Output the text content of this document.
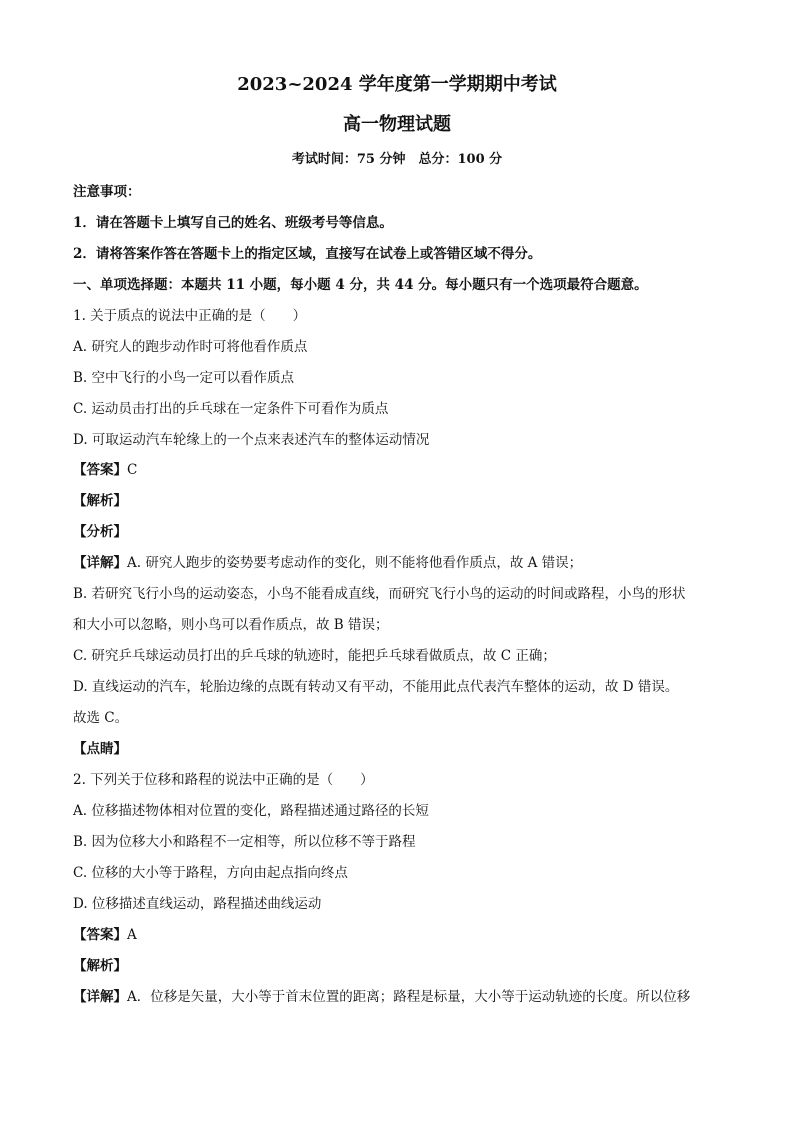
2023~2024 学年度第一学期期中考试
高一物理试题
考试时间：75 分钟　总分：100 分
注意事项：
1．请在答题卡上填写自己的姓名、班级考号等信息。
2．请将答案作答在答题卡上的指定区域，直接写在试卷上或答错区域不得分。
一、单项选择题：本题共 11 小题，每小题 4 分，共 44 分。每小题只有一个选项最符合题意。
1. 关于质点的说法中正确的是（　　）
A. 研究人的跑步动作时可将他看作质点
B. 空中飞行的小鸟一定可以看作质点
C. 运动员击打出的乒乓球在一定条件下可看作为质点
D. 可取运动汽车轮缘上的一个点来表述汽车的整体运动情况
【答案】C
【解析】
【分析】
【详解】A. 研究人跑步的姿势要考虑动作的变化，则不能将他看作质点，故 A 错误；
B. 若研究飞行小鸟的运动姿态，小鸟不能看成直线，而研究飞行小鸟的运动的时间或路程，小鸟的形状
和大小可以忽略，则小鸟可以看作质点，故 B 错误；
C. 研究乒乓球运动员打出的乒乓球的轨迹时，能把乒乓球看做质点，故 C 正确；
D. 直线运动的汽车，轮胎边缘的点既有转动又有平动，不能用此点代表汽车整体的运动，故 D 错误。
故选 C。
【点睛】
2. 下列关于位移和路程的说法中正确的是（　　）
A. 位移描述物体相对位置的变化，路程描述通过路径的长短
B. 因为位移大小和路程不一定相等，所以位移不等于路程
C. 位移的大小等于路程，方向由起点指向终点
D. 位移描述直线运动，路程描述曲线运动
【答案】A
【解析】
【详解】A．位移是矢量，大小等于首末位置的距离；路程是标量，大小等于运动轨迹的长度。所以位移
